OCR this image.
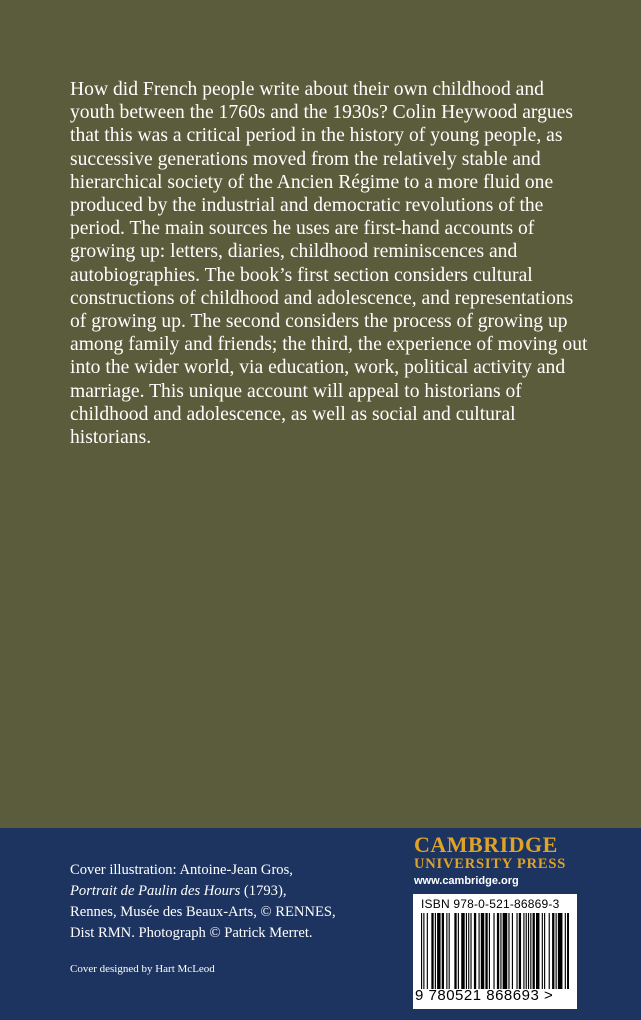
How did French people write about their own childhood and youth between the 1760s and the 1930s? Colin Heywood argues that this was a critical period in the history of young people, as successive generations moved from the relatively stable and hierarchical society of the Ancien Régime to a more fluid one produced by the industrial and democratic revolutions of the period. The main sources he uses are first-hand accounts of growing up: letters, diaries, childhood reminiscences and autobiographies. The book’s first section considers cultural constructions of childhood and adolescence, and representations of growing up. The second considers the process of growing up among family and friends; the third, the experience of moving out into the wider world, via education, work, political activity and marriage. This unique account will appeal to historians of childhood and adolescence, as well as social and cultural historians.

Cover illustration: Antoine-Jean Gros,
Portrait de Paulin des Hours (1793),
Rennes, Musée des Beaux-Arts, © RENNES,
Dist RMN. Photograph © Patrick Merret.
Cover designed by Hart McLeod
CAMBRIDGE
UNIVERSITY PRESS
www.cambridge.org
ISBN 978-0-521-86869-3
9 780521 868693 >
